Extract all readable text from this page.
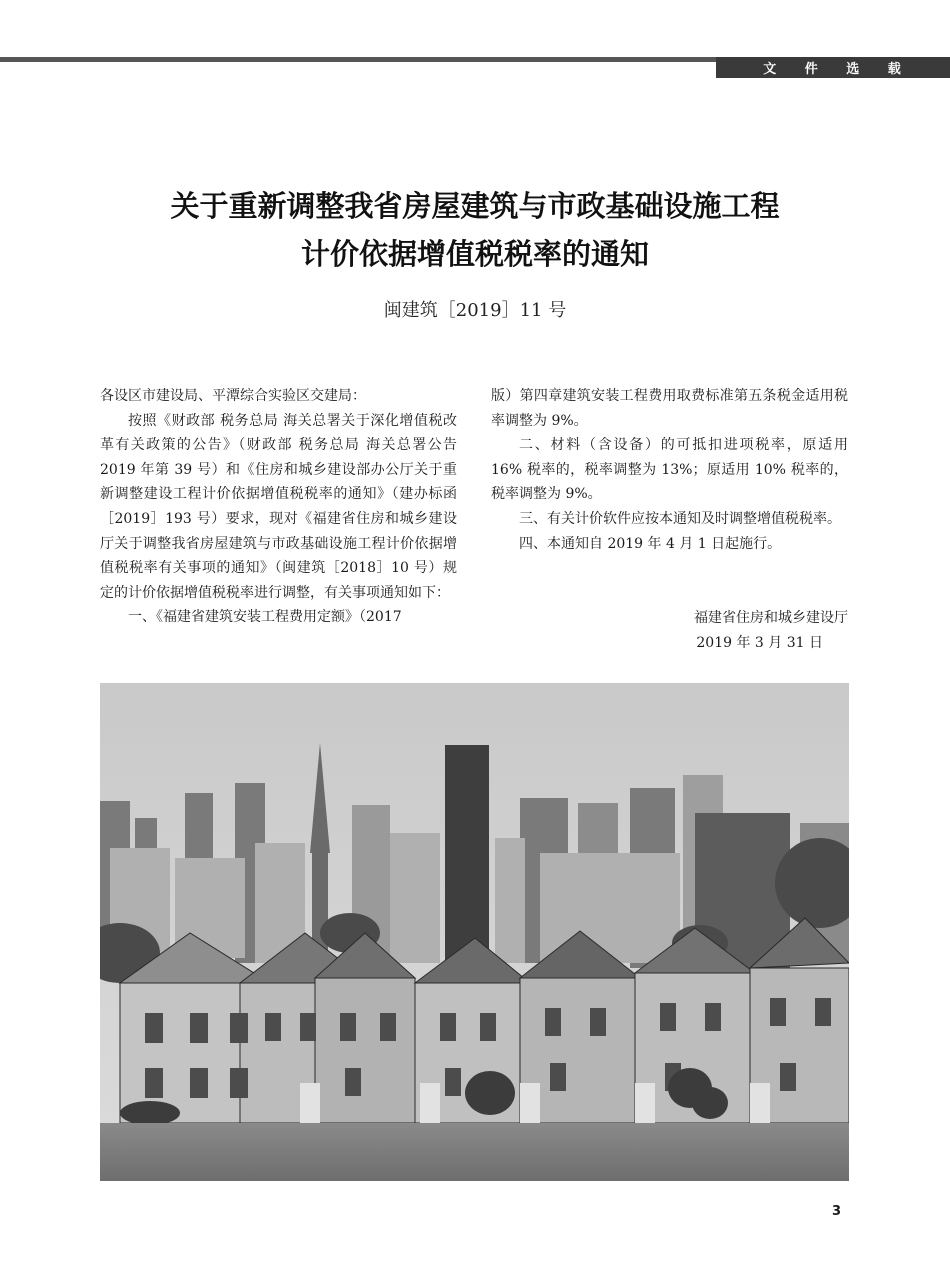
文 件 选 载
关于重新调整我省房屋建筑与市政基础设施工程
计价依据增值税税率的通知
闽建筑［2019］11 号

各设区市建设局、平潭综合实验区交建局：

按照《财政部 税务总局 海关总署关于深化增值税改革有关政策的公告》（财政部 税务总局 海关总署公告 2019 年第 39 号）和《住房和城乡建设部办公厅关于重新调整建设工程计价依据增值税税率的通知》（建办标函［2019］193 号）要求，现对《福建省住房和城乡建设厅关于调整我省房屋建筑与市政基础设施工程计价依据增值税税率有关事项的通知》（闽建筑［2018］10 号）规定的计价依据增值税税率进行调整，有关事项通知如下：

一、《福建省建筑安装工程费用定额》（2017

版）第四章建筑安装工程费用取费标准第五条税金适用税率调整为 9%。

二、材料（含设备）的可抵扣进项税率，原适用 16% 税率的，税率调整为 13%；原适用 10% 税率的，税率调整为 9%。

三、有关计价软件应按本通知及时调整增值税税率。

四、本通知自 2019 年 4 月 1 日起施行。

福建省住房和城乡建设厅
2019 年 3 月 31 日
3
